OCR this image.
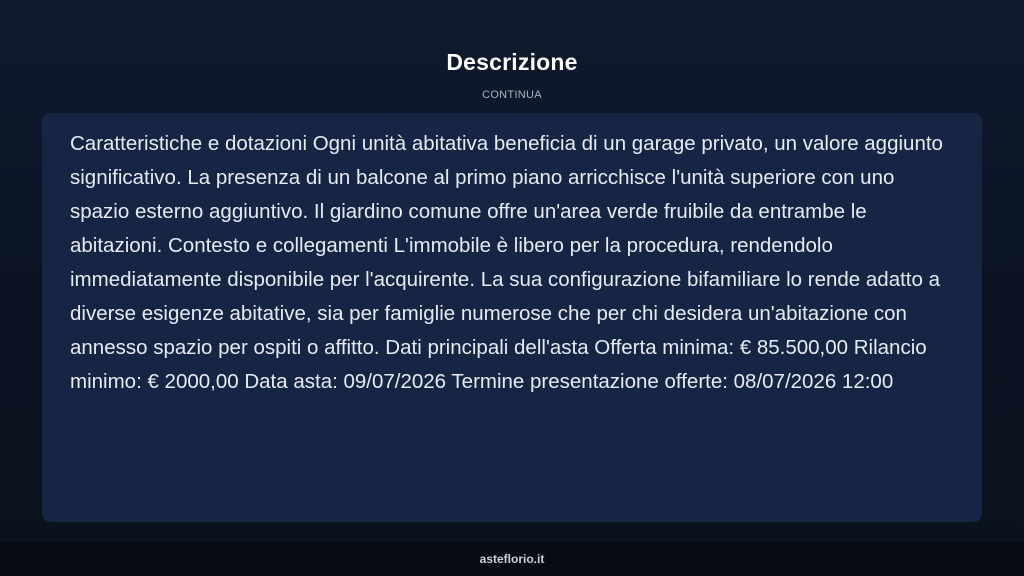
Descrizione
CONTINUA

Caratteristiche e dotazioni Ogni unità abitativa beneficia di un garage privato, un valore aggiunto significativo. La presenza di un balcone al primo piano arricchisce l'unità superiore con uno spazio esterno aggiuntivo. Il giardino comune offre un'area verde fruibile da entrambe le abitazioni. Contesto e collegamenti L'immobile è libero per la procedura, rendendolo immediatamente disponibile per l'acquirente. La sua configurazione bifamiliare lo rende adatto a diverse esigenze abitative, sia per famiglie numerose che per chi desidera un'abitazione con annesso spazio per ospiti o affitto. Dati principali dell'asta Offerta minima: € 85.500,00 Rilancio minimo: € 2000,00 Data asta: 09/07/2026 Termine presentazione offerte: 08/07/2026 12:00

asteflorio.it
